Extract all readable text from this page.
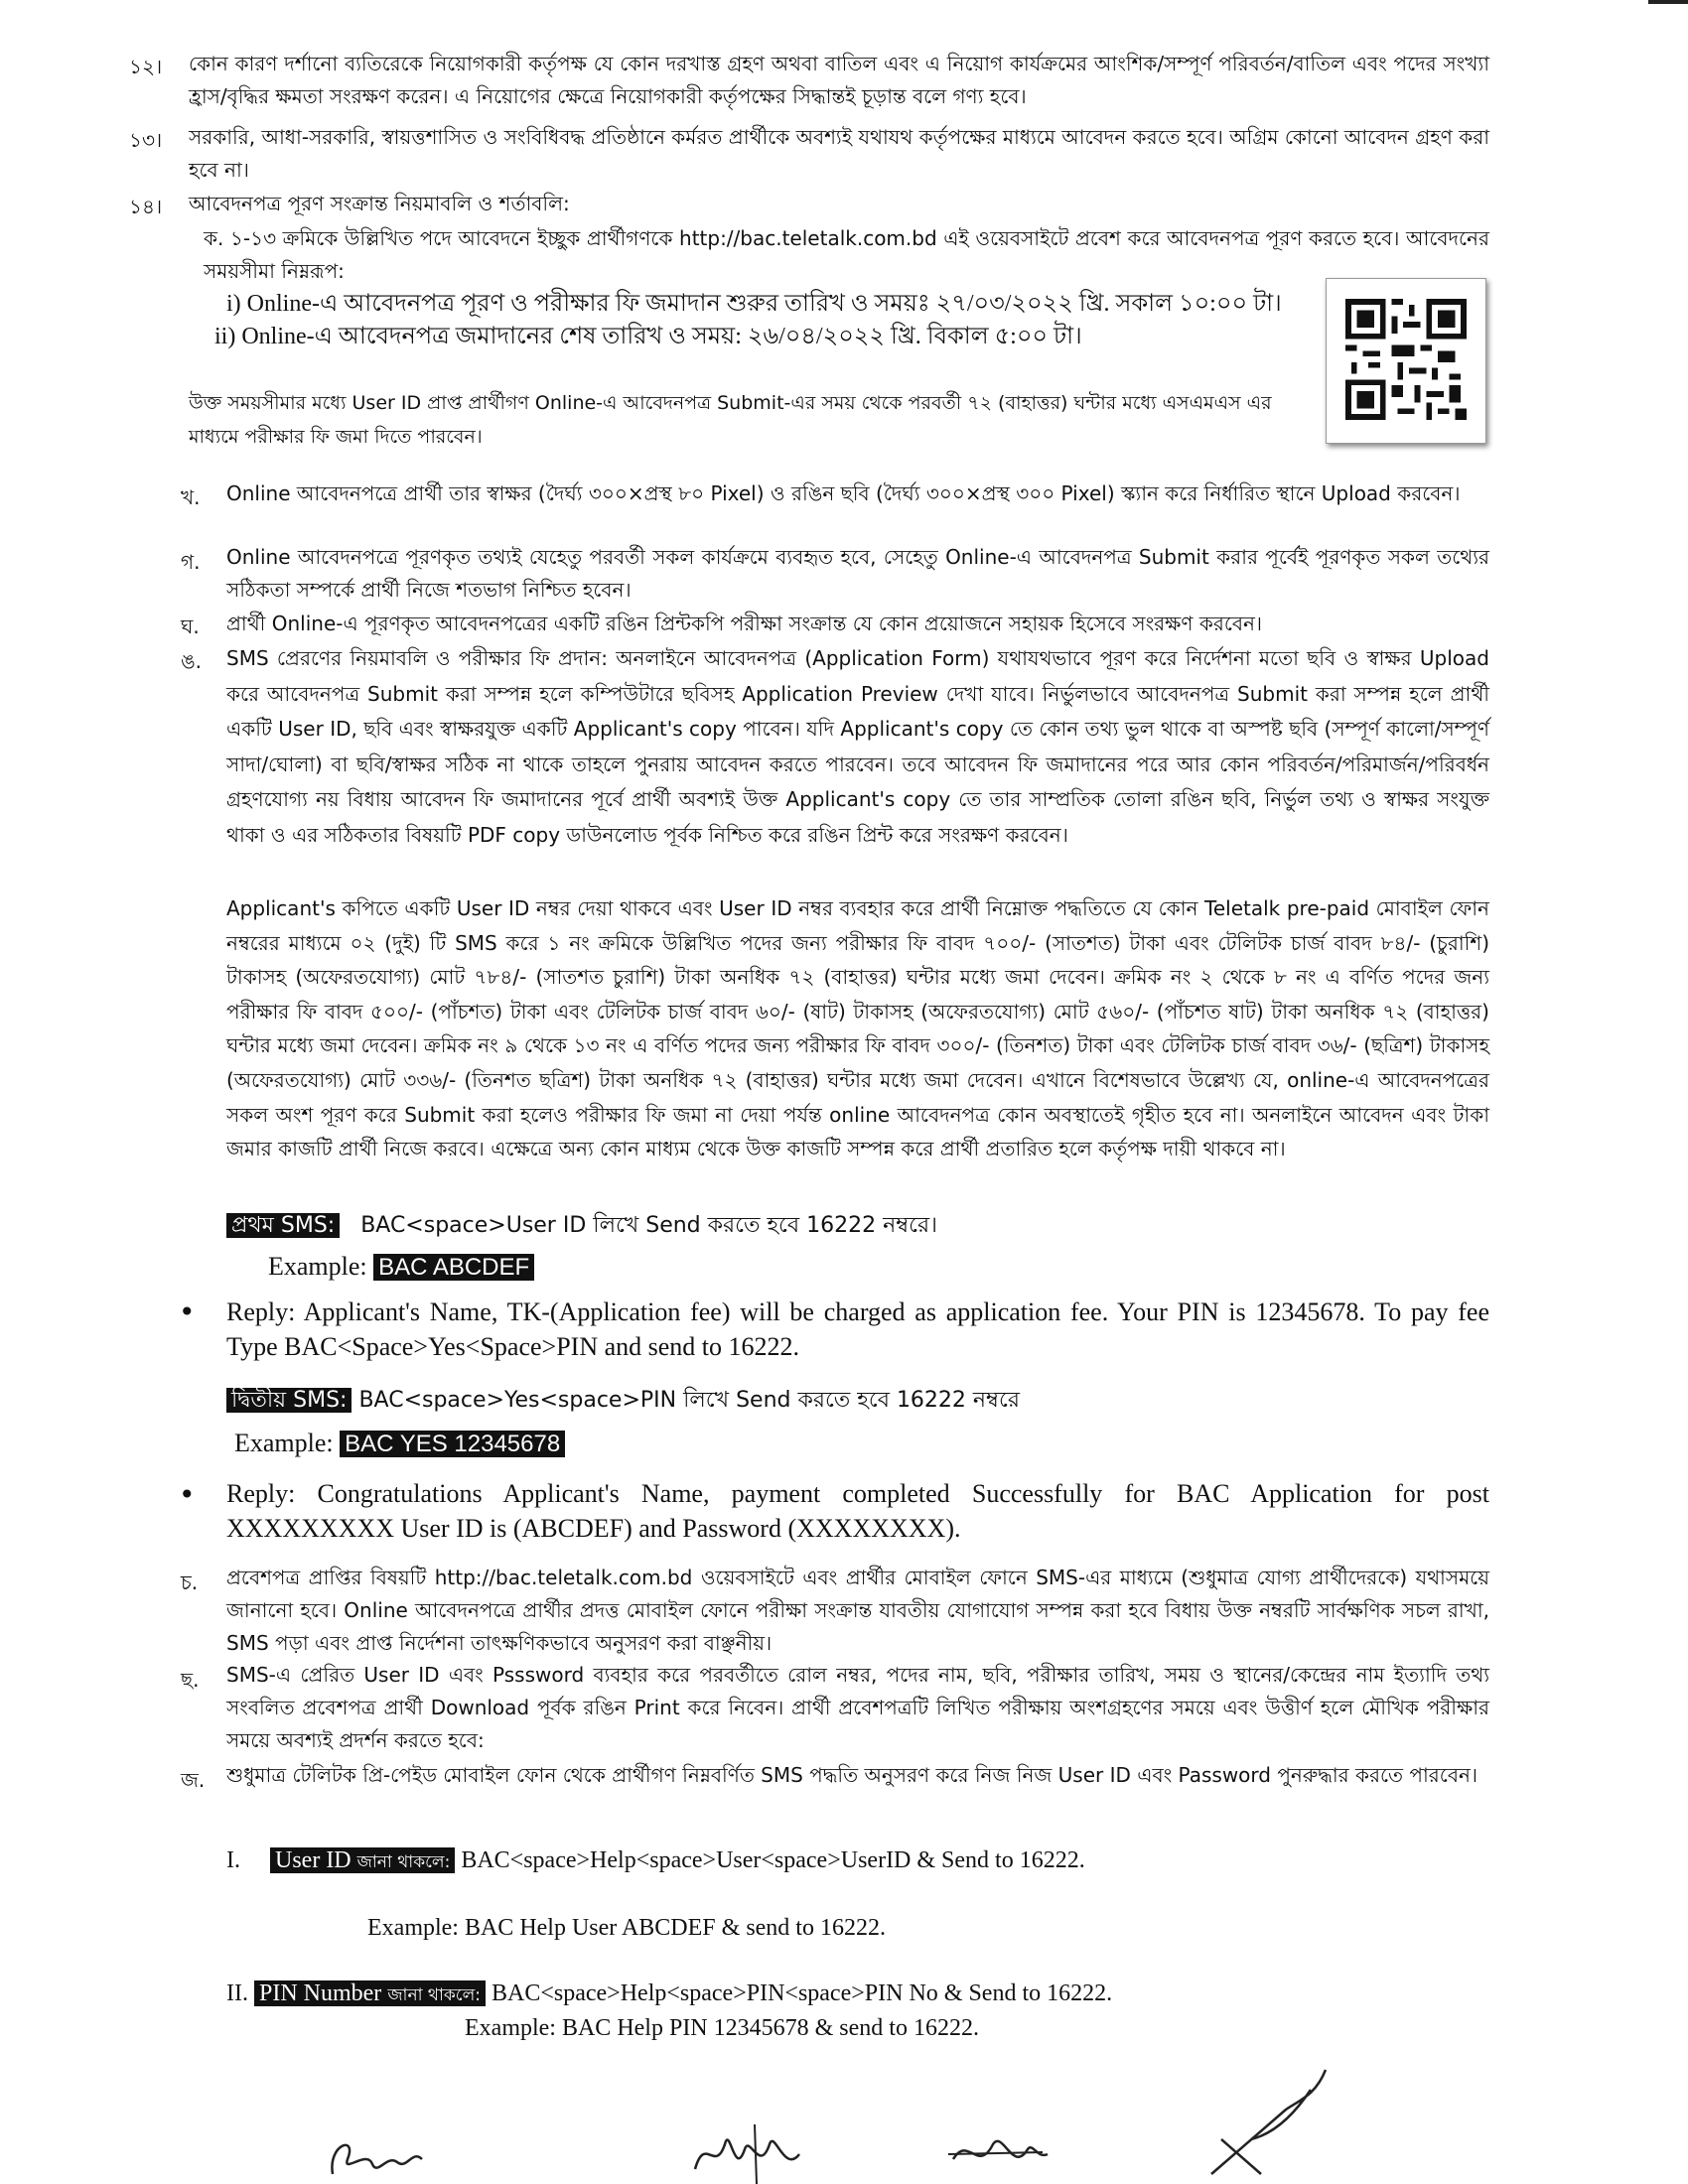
১২। কোন কারণ দর্শানো ব্যতিরেকে নিয়োগকারী কর্তৃপক্ষ যে কোন দরখাস্ত গ্রহণ অথবা বাতিল এবং এ নিয়োগ কার্যক্রমের আংশিক/সম্পূর্ণ পরিবর্তন/বাতিল এবং পদের সংখ্যা হ্রাস/বৃদ্ধির ক্ষমতা সংরক্ষণ করেন। এ নিয়োগের ক্ষেত্রে নিয়োগকারী কর্তৃপক্ষের সিদ্ধান্তই চূড়ান্ত বলে গণ্য হবে।
১৩। সরকারি, আধা-সরকারি, স্বায়ত্তশাসিত ও সংবিধিবদ্ধ প্রতিষ্ঠানে কর্মরত প্রার্থীকে অবশ্যই যথাযথ কর্তৃপক্ষের মাধ্যমে আবেদন করতে হবে। অগ্রিম কোনো আবেদন গ্রহণ করা হবে না।
১৪। আবেদনপত্র পূরণ সংক্রান্ত নিয়মাবলি ও শর্তাবলি:
ক. ১-১৩ ক্রমিকে উল্লিখিত পদে আবেদনে ইচ্ছুক প্রার্থীগণকে http://bac.teletalk.com.bd এই ওয়েবসাইটে প্রবেশ করে আবেদনপত্র পূরণ করতে হবে। আবেদনের সময়সীমা নিম্নরূপ:
i) Online-এ আবেদনপত্র পূরণ ও পরীক্ষার ফি জমাদান শুরুর তারিখ ও সময়ঃ ২৭/০৩/২০২২ খ্রি. সকাল ১০:০০ টা।
ii) Online-এ আবেদনপত্র জমাদানের শেষ তারিখ ও সময়: ২৬/০৪/২০২২ খ্রি. বিকাল ৫:০০ টা।
উক্ত সময়সীমার মধ্যে User ID প্রাপ্ত প্রার্থীগণ Online-এ আবেদনপত্র Submit-এর সময় থেকে পরবর্তী ৭২ (বাহাত্তর) ঘন্টার মধ্যে এসএমএস এর মাধ্যমে পরীক্ষার ফি জমা দিতে পারবেন।
খ. Online আবেদনপত্রে প্রার্থী তার স্বাক্ষর (দৈর্ঘ্য ৩০০×প্রস্থ ৮০ Pixel) ও রঙিন ছবি (দৈর্ঘ্য ৩০০×প্রস্থ ৩০০ Pixel) স্ক্যান করে নির্ধারিত স্থানে Upload করবেন।
গ. Online আবেদনপত্রে পূরণকৃত তথ্যই যেহেতু পরবর্তী সকল কার্যক্রমে ব্যবহৃত হবে, সেহেতু Online-এ আবেদনপত্র Submit করার পূর্বেই পূরণকৃত সকল তথ্যের সঠিকতা সম্পর্কে প্রার্থী নিজে শতভাগ নিশ্চিত হবেন।
ঘ. প্রার্থী Online-এ পূরণকৃত আবেদনপত্রের একটি রঙিন প্রিন্টকপি পরীক্ষা সংক্রান্ত যে কোন প্রয়োজনে সহায়ক হিসেবে সংরক্ষণ করবেন।
ঙ. SMS প্রেরণের নিয়মাবলি ও পরীক্ষার ফি প্রদান: অনলাইনে আবেদনপত্র (Application Form) যথাযথভাবে পূরণ করে নির্দেশনা মতো ছবি ও স্বাক্ষর Upload করে আবেদনপত্র Submit করা সম্পন্ন হলে কম্পিউটারে ছবিসহ Application Preview দেখা যাবে। নির্ভুলভাবে আবেদনপত্র Submit করা সম্পন্ন হলে প্রার্থী একটি User ID, ছবি এবং স্বাক্ষরযুক্ত একটি Applicant's copy পাবেন। যদি Applicant's copy তে কোন তথ্য ভুল থাকে বা অস্পষ্ট ছবি (সম্পূর্ণ কালো/সম্পূর্ণ সাদা/ঘোলা) বা ছবি/স্বাক্ষর সঠিক না থাকে তাহলে পুনরায় আবেদন করতে পারবেন। তবে আবেদন ফি জমাদানের পরে আর কোন পরিবর্তন/পরিমার্জন/পরিবর্ধন গ্রহণযোগ্য নয় বিধায় আবেদন ফি জমাদানের পূর্বে প্রার্থী অবশ্যই উক্ত Applicant's copy তে তার সাম্প্রতিক তোলা রঙিন ছবি, নির্ভুল তথ্য ও স্বাক্ষর সংযুক্ত থাকা ও এর সঠিকতার বিষয়টি PDF copy ডাউনলোড পূর্বক নিশ্চিত করে রঙিন প্রিন্ট করে সংরক্ষণ করবেন।
Applicant's কপিতে একটি User ID নম্বর দেয়া থাকবে এবং User ID নম্বর ব্যবহার করে প্রার্থী নিম্নোক্ত পদ্ধতিতে যে কোন Teletalk pre-paid মোবাইল ফোন নম্বরের মাধ্যমে ০২ (দুই) টি SMS করে ১ নং ক্রমিকে উল্লিখিত পদের জন্য পরীক্ষার ফি বাবদ ৭০০/- (সাতশত) টাকা এবং টেলিটক চার্জ বাবদ ৮৪/- (চুরাশি) টাকাসহ (অফেরতযোগ্য) মোট ৭৮৪/- (সাতশত চুরাশি) টাকা অনধিক ৭২ (বাহাত্তর) ঘন্টার মধ্যে জমা দেবেন। ক্রমিক নং ২ থেকে ৮ নং এ বর্ণিত পদের জন্য পরীক্ষার ফি বাবদ ৫০০/- (পাঁচশত) টাকা এবং টেলিটক চার্জ বাবদ ৬০/- (ষাট) টাকাসহ (অফেরতযোগ্য) মোট ৫৬০/- (পাঁচশত ষাট) টাকা অনধিক ৭২ (বাহাত্তর) ঘন্টার মধ্যে জমা দেবেন। ক্রমিক নং ৯ থেকে ১৩ নং এ বর্ণিত পদের জন্য পরীক্ষার ফি বাবদ ৩০০/- (তিনশত) টাকা এবং টেলিটক চার্জ বাবদ ৩৬/- (ছত্রিশ) টাকাসহ (অফেরতযোগ্য) মোট ৩৩৬/- (তিনশত ছত্রিশ) টাকা অনধিক ৭২ (বাহাত্তর) ঘন্টার মধ্যে জমা দেবেন। এখানে বিশেষভাবে উল্লেখ্য যে, online-এ আবেদনপত্রের সকল অংশ পূরণ করে Submit করা হলেও পরীক্ষার ফি জমা না দেয়া পর্যন্ত online আবেদনপত্র কোন অবস্থাতেই গৃহীত হবে না। অনলাইনে আবেদন এবং টাকা জমার কাজটি প্রার্থী নিজে করবে। এক্ষেত্রে অন্য কোন মাধ্যম থেকে উক্ত কাজটি সম্পন্ন করে প্রার্থী প্রতারিত হলে কর্তৃপক্ষ দায়ী থাকবে না।
প্রথম SMS: BAC<space>User ID লিখে Send করতে হবে 16222 নম্বরে।
Example: BAC ABCDEF
• Reply: Applicant's Name, TK-(Application fee) will be charged as application fee. Your PIN is 12345678. To pay fee Type BAC<Space>Yes<Space>PIN and send to 16222.
দ্বিতীয় SMS: BAC<space>Yes<space>PIN লিখে Send করতে হবে 16222 নম্বরে
Example: BAC YES 12345678
• Reply: Congratulations Applicant's Name, payment completed Successfully for BAC Application for post XXXXXXXXX User ID is (ABCDEF) and Password (XXXXXXXX).
চ. প্রবেশপত্র প্রাপ্তির বিষয়টি http://bac.teletalk.com.bd ওয়েবসাইটে এবং প্রার্থীর মোবাইল ফোনে SMS-এর মাধ্যমে (শুধুমাত্র যোগ্য প্রার্থীদেরকে) যথাসময়ে জানানো হবে। Online আবেদনপত্রে প্রার্থীর প্রদত্ত মোবাইল ফোনে পরীক্ষা সংক্রান্ত যাবতীয় যোগাযোগ সম্পন্ন করা হবে বিধায় উক্ত নম্বরটি সার্বক্ষণিক সচল রাখা, SMS পড়া এবং প্রাপ্ত নির্দেশনা তাৎক্ষণিকভাবে অনুসরণ করা বাঞ্ছনীয়।
ছ. SMS-এ প্রেরিত User ID এবং Psssword ব্যবহার করে পরবর্তীতে রোল নম্বর, পদের নাম, ছবি, পরীক্ষার তারিখ, সময় ও স্থানের/কেন্দ্রের নাম ইত্যাদি তথ্য সংবলিত প্রবেশপত্র প্রার্থী Download পূর্বক রঙিন Print করে নিবেন। প্রার্থী প্রবেশপত্রটি লিখিত পরীক্ষায় অংশগ্রহণের সময়ে এবং উত্তীর্ণ হলে মৌখিক পরীক্ষার সময়ে অবশ্যই প্রদর্শন করতে হবে:
জ. শুধুমাত্র টেলিটক প্রি-পেইড মোবাইল ফোন থেকে প্রার্থীগণ নিম্নবর্ণিত SMS পদ্ধতি অনুসরণ করে নিজ নিজ User ID এবং Password পুনরুদ্ধার করতে পারবেন।
I. User ID জানা থাকলে: BAC<space>Help<space>User<space>UserID & Send to 16222.
Example: BAC Help User ABCDEF & send to 16222.
II. PIN Number জানা থাকলে: BAC<space>Help<space>PIN<space>PIN No & Send to 16222.
Example: BAC Help PIN 12345678 & send to 16222.
